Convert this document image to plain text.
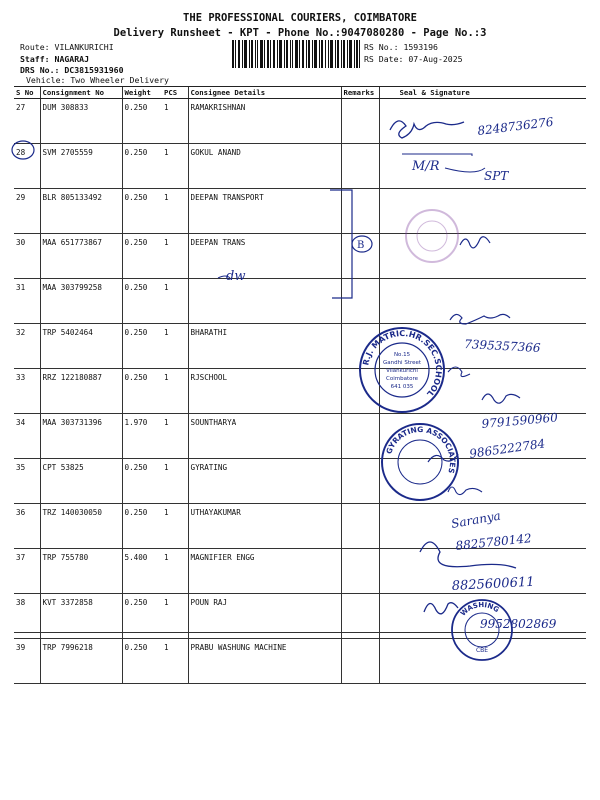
THE PROFESSIONAL COURIERS, COIMBATORE
Delivery Runsheet - KPT - Phone No.:9047080280 - Page No.:3
Route: VILANKURICHI
Staff: NAGARAJ
DRS No.: DC3815931960
Vehicle: Two Wheeler Delivery
RS No.: 1593196
RS Date: 07-Aug-2025
S No	Consignment No	Weight	PCS	Consignee Details	Remarks	Seal & Signature
27	DUM 308833	0.250	1	RAMAKRISHNAN		
28	SVM 2705559	0.250	1	GOKUL ANAND		
29	BLR 805133492	0.250	1	DEEPAN TRANSPORT		
30	MAA 651773867	0.250	1	DEEPAN TRANS		
31	MAA 303799258	0.250	1			
32	TRP 5402464	0.250	1	BHARATHI		
33	RRZ 122180887	0.250	1	RJSCHOOL		
34	MAA 303731396	1.970	1	SOUNTHARYA		
35	CPT 53825	0.250	1	GYRATING		
36	TRZ 140030050	0.250	1	UTHAYAKUMAR		
37	TRP 755780	5.400	1	MAGNIFIER ENGG		
38	KVT 3372858	0.250	1	POUN RAJ		
39	TRP 7996218	0.250	1	PRABU WASHUNG MACHINE		
8248736276
M/R
SPT
B
dw
R.J. MATRIC.HR.SEC.SCHOOL
No.15
Gandhi Street
Vilankurichi
Coimbatore
641 035
7395357366
9791590960
GYRATING ASSOCIATES
9865222784
Saranya
8825780142
8825600611
WASHING
CBE
9952802869
